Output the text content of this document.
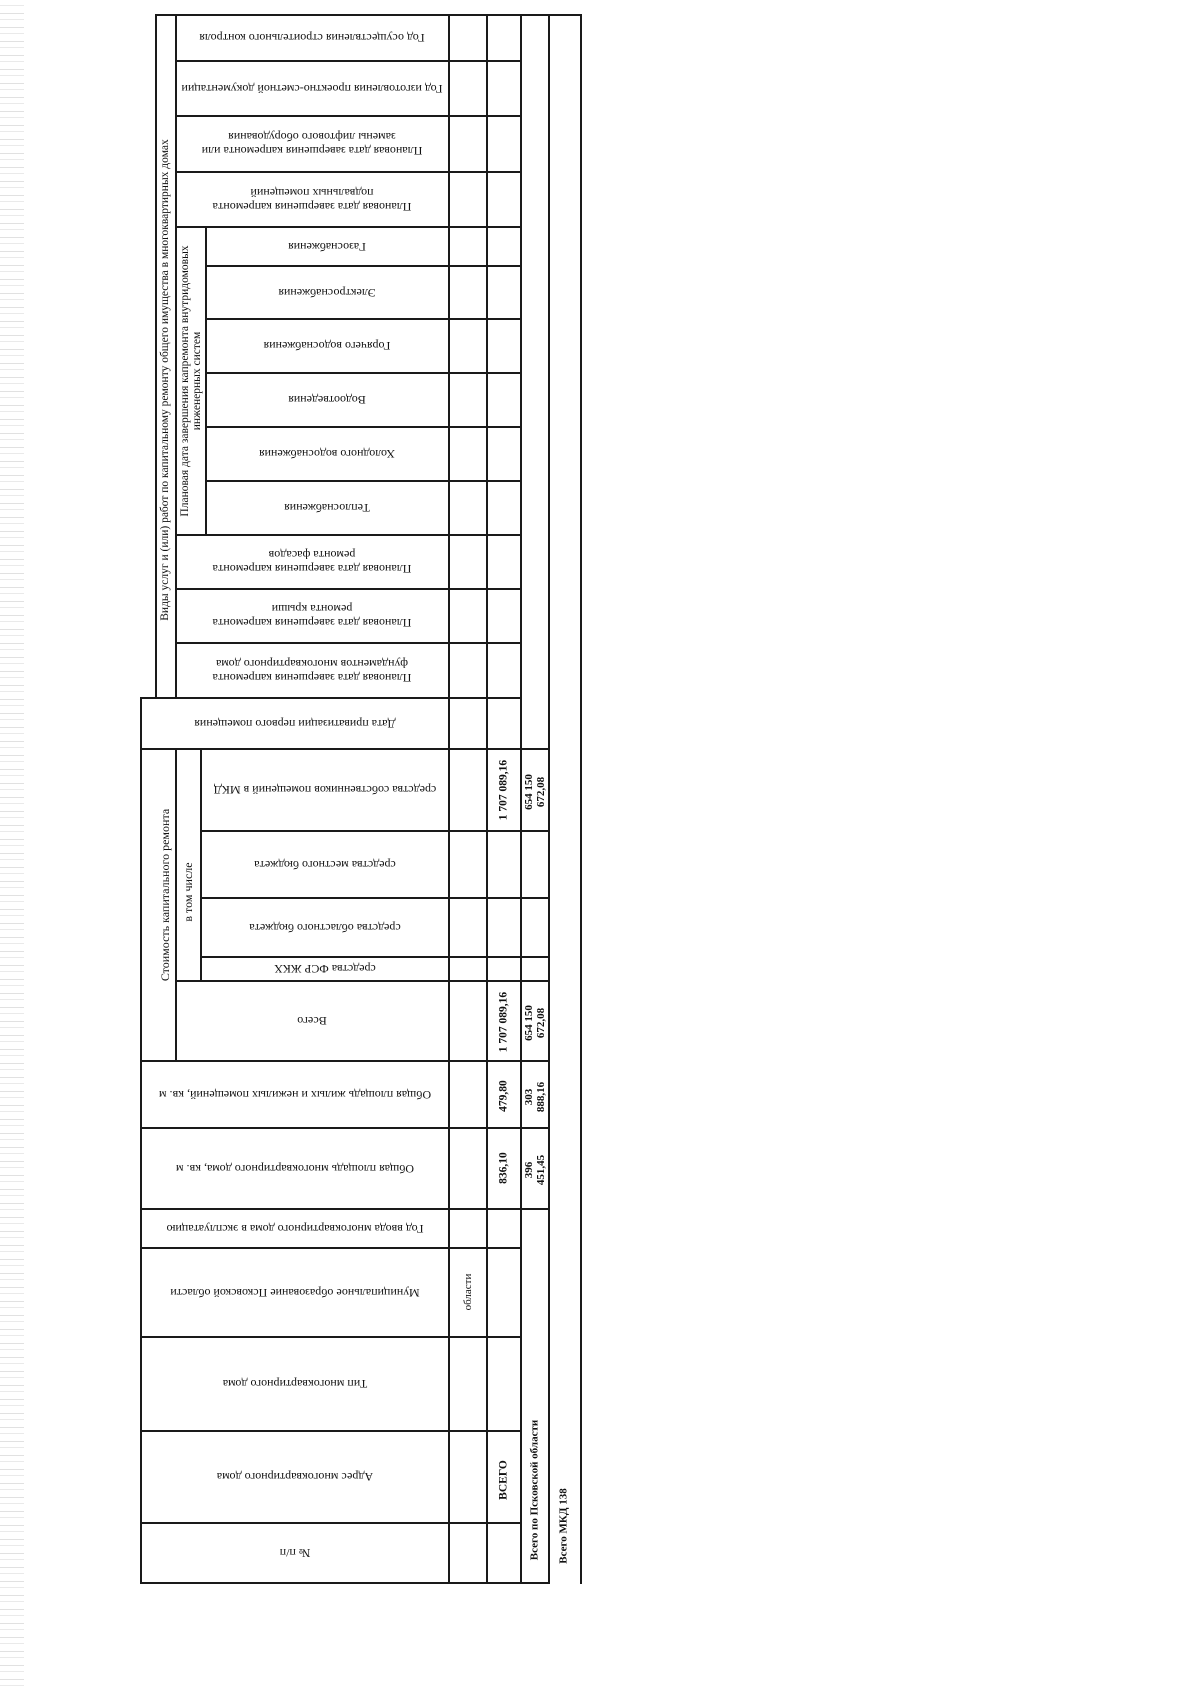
Виды услуг и (или) работ по капитальному ремонту общего имущества в многоквартирных домах
Стоимость капитального ремонта в том числе
Плановая дата завершения капремонта внутридомовых инженерных систем
Год осуществления строительного контроля
Год изготовления проектно-сметной документации
Плановая дата завершения капремонта или замены лифтового оборудования
Плановая дата завершения капремонта подвальных помещений
Газоснабжения
Электроснабжения
Горячего водоснабжения
Водоотведения
Холодного водоснабжения
Теплоснабжения
Плановая дата завершения капремонта ремонта фасадов
Плановая дата завершения капремонта ремонта крыши
Плановая дата завершения капремонта фундаментов многоквартирного дома
Дата приватизации первого помещения
средства собственников помещений в МКД
средства местного бюджета
средства областного бюджета
средства ФСР ЖКХ
Всего
Общая площадь жилых и нежилых помещений, кв. м
Общая площадь многоквартирного дома, кв. м
Год ввода многоквартирного дома в эксплуатацию
Муниципальное образование Псковской области
Тип многоквартирного дома
Адрес многоквартирного дома
№ п/п
области
ВСЕГО
1 707 089,16
1 707 089,16
479,80
836,10
Всего по Псковской области
654 150
672,08
654 150
672,08
303
888,16
396
451,45
Всего МКД 138
